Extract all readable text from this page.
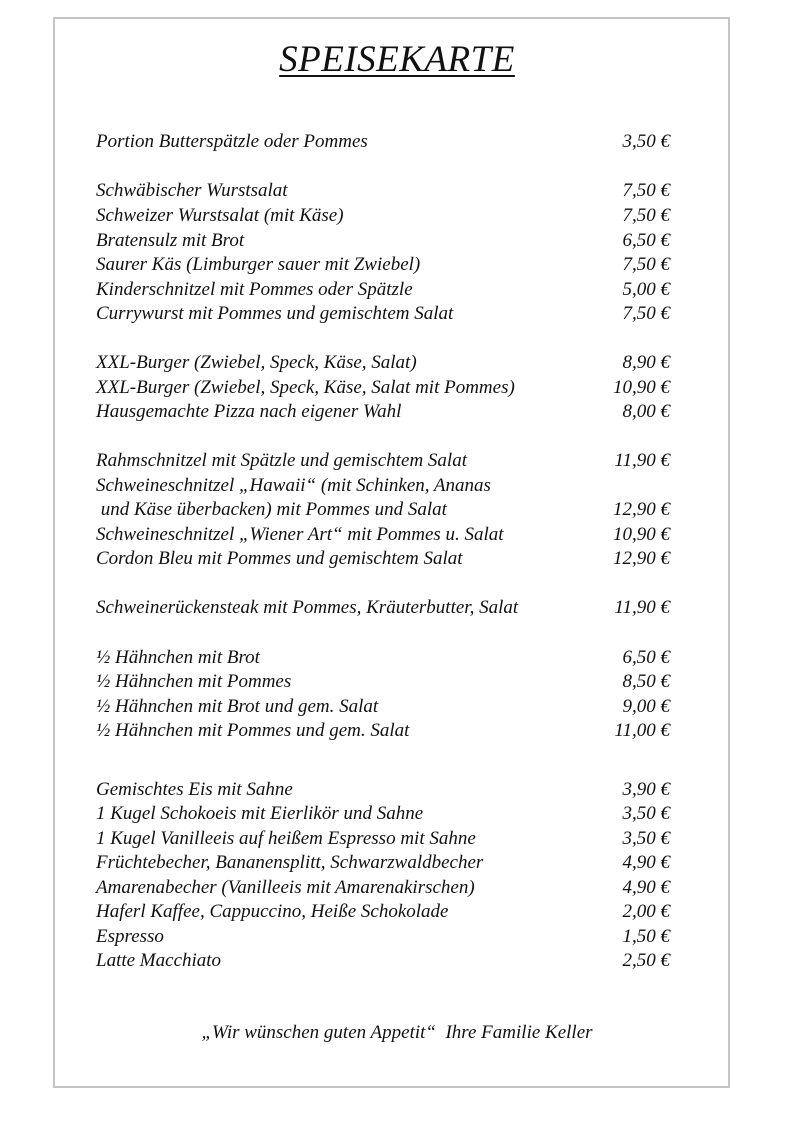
SPEISEKARTE
Portion Butterspätzle oder Pommes	3,50 €
Schwäbischer Wurstsalat	7,50 €
Schweizer Wurstsalat (mit Käse)	7,50 €
Bratensulz mit Brot	6,50 €
Saurer Käs (Limburger sauer mit Zwiebel)	7,50 €
Kinderschnitzel mit Pommes oder Spätzle	5,00 €
Currywurst mit Pommes und gemischtem Salat	7,50 €
XXL-Burger (Zwiebel, Speck, Käse, Salat)	8,90 €
XXL-Burger (Zwiebel, Speck, Käse, Salat mit Pommes)	10,90 €
Hausgemachte Pizza nach eigener Wahl	8,00 €
Rahmschnitzel mit Spätzle und gemischtem Salat	11,90 €
Schweineschnitzel „Hawaii“ (mit Schinken, Ananas
und Käse überbacken) mit Pommes und Salat	12,90 €
Schweineschnitzel „Wiener Art“ mit Pommes u. Salat	10,90 €
Cordon Bleu mit Pommes und gemischtem Salat	12,90 €
Schweinerückensteak mit Pommes, Kräuterbutter, Salat	11,90 €
½ Hähnchen mit Brot	6,50 €
½ Hähnchen mit Pommes	8,50 €
½ Hähnchen mit Brot und gem. Salat	9,00 €
½ Hähnchen mit Pommes und gem. Salat	11,00 €
Gemischtes Eis mit Sahne	3,90 €
1 Kugel Schokoeis mit Eierlikör und Sahne	3,50 €
1 Kugel Vanilleeis auf heißem Espresso mit Sahne	3,50 €
Früchtebecher, Bananensplitt, Schwarzwaldbecher	4,90 €
Amarenabecher (Vanilleeis mit Amarenakirschen)	4,90 €
Haferl Kaffee, Cappuccino, Heiße Schokolade	2,00 €
Espresso	1,50 €
Latte Macchiato	2,50 €
„Wir wünschen guten Appetit“  Ihre Familie Keller
